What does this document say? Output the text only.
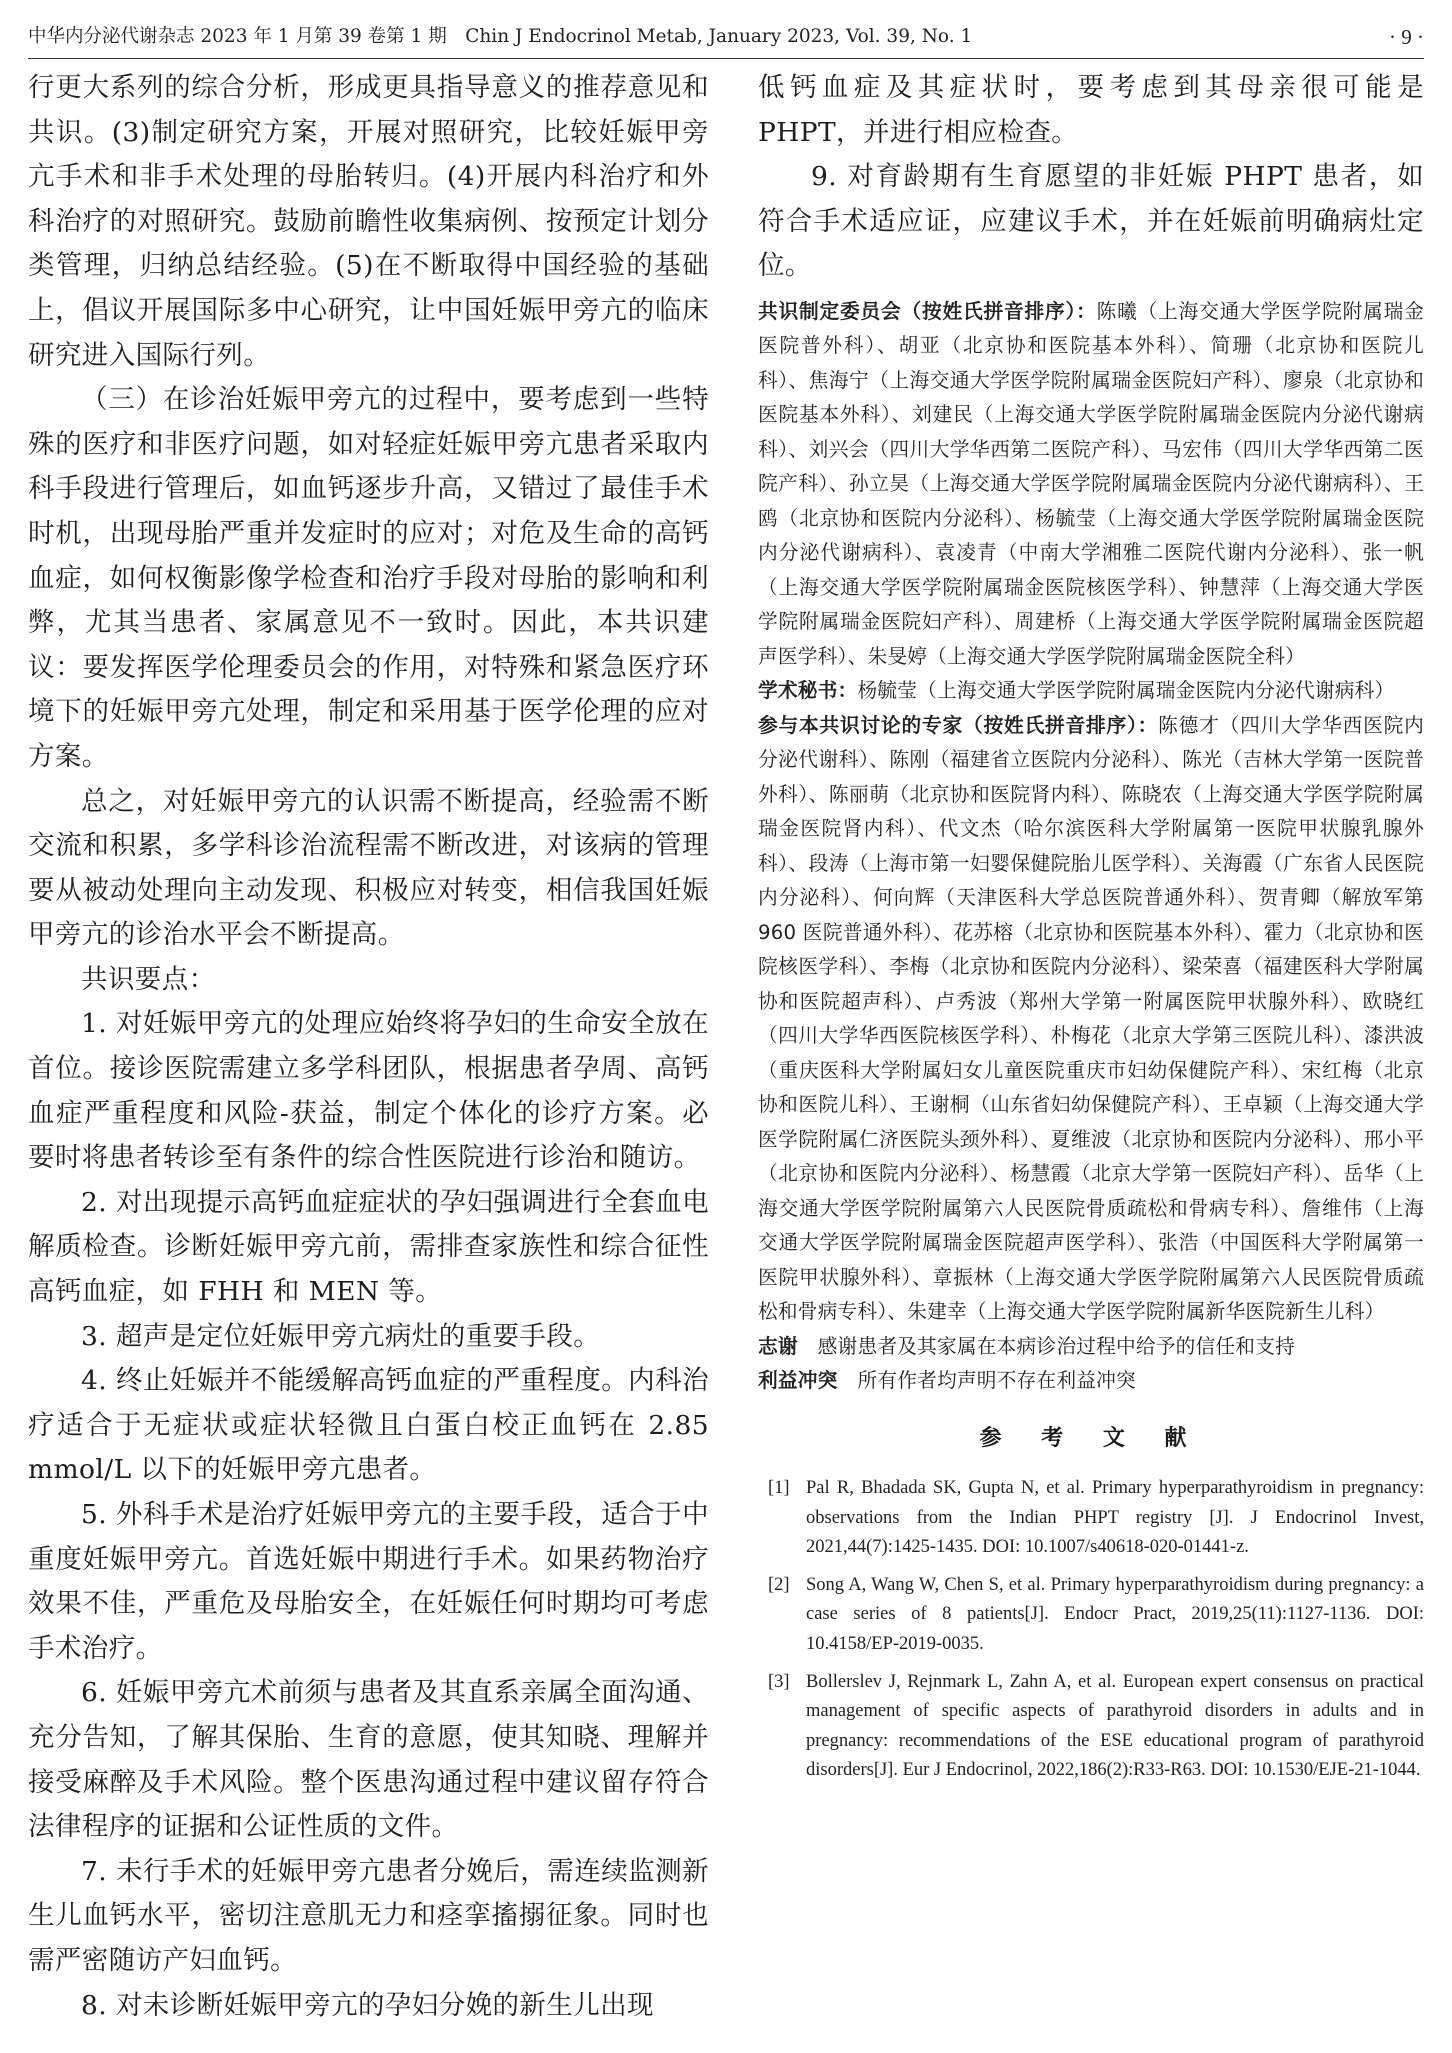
中华内分泌代谢杂志 2023 年 1 月第 39 卷第 1 期　Chin J Endocrinol Metab, January 2023, Vol. 39, No. 1	· 9 ·

行更大系列的综合分析，形成更具指导意义的推荐意见和共识。(3)制定研究方案，开展对照研究，比较妊娠甲旁亢手术和非手术处理的母胎转归。(4)开展内科治疗和外科治疗的对照研究。鼓励前瞻性收集病例、按预定计划分类管理，归纳总结经验。(5)在不断取得中国经验的基础上，倡议开展国际多中心研究，让中国妊娠甲旁亢的临床研究进入国际行列。

（三）在诊治妊娠甲旁亢的过程中，要考虑到一些特殊的医疗和非医疗问题，如对轻症妊娠甲旁亢患者采取内科手段进行管理后，如血钙逐步升高，又错过了最佳手术时机，出现母胎严重并发症时的应对；对危及生命的高钙血症，如何权衡影像学检查和治疗手段对母胎的影响和利弊，尤其当患者、家属意见不一致时。因此，本共识建议：要发挥医学伦理委员会的作用，对特殊和紧急医疗环境下的妊娠甲旁亢处理，制定和采用基于医学伦理的应对方案。

总之，对妊娠甲旁亢的认识需不断提高，经验需不断交流和积累，多学科诊治流程需不断改进，对该病的管理要从被动处理向主动发现、积极应对转变，相信我国妊娠甲旁亢的诊治水平会不断提高。

共识要点：

1. 对妊娠甲旁亢的处理应始终将孕妇的生命安全放在首位。接诊医院需建立多学科团队，根据患者孕周、高钙血症严重程度和风险-获益，制定个体化的诊疗方案。必要时将患者转诊至有条件的综合性医院进行诊治和随访。

2. 对出现提示高钙血症症状的孕妇强调进行全套血电解质检查。诊断妊娠甲旁亢前，需排查家族性和综合征性高钙血症，如 FHH 和 MEN 等。

3. 超声是定位妊娠甲旁亢病灶的重要手段。

4. 终止妊娠并不能缓解高钙血症的严重程度。内科治疗适合于无症状或症状轻微且白蛋白校正血钙在 2.85 mmol/L 以下的妊娠甲旁亢患者。

5. 外科手术是治疗妊娠甲旁亢的主要手段，适合于中重度妊娠甲旁亢。首选妊娠中期进行手术。如果药物治疗效果不佳，严重危及母胎安全，在妊娠任何时期均可考虑手术治疗。

6. 妊娠甲旁亢术前须与患者及其直系亲属全面沟通、充分告知，了解其保胎、生育的意愿，使其知晓、理解并接受麻醉及手术风险。整个医患沟通过程中建议留存符合法律程序的证据和公证性质的文件。

7. 未行手术的妊娠甲旁亢患者分娩后，需连续监测新生儿血钙水平，密切注意肌无力和痉挛搐搦征象。同时也需严密随访产妇血钙。

8. 对未诊断妊娠甲旁亢的孕妇分娩的新生儿出现

低钙血症及其症状时，要考虑到其母亲很可能是 PHPT，并进行相应检查。

9. 对育龄期有生育愿望的非妊娠 PHPT 患者，如符合手术适应证，应建议手术，并在妊娠前明确病灶定位。

共识制定委员会（按姓氏拼音排序）：陈曦（上海交通大学医学院附属瑞金医院普外科）、胡亚（北京协和医院基本外科）、简珊（北京协和医院儿科）、焦海宁（上海交通大学医学院附属瑞金医院妇产科）、廖泉（北京协和医院基本外科）、刘建民（上海交通大学医学院附属瑞金医院内分泌代谢病科）、刘兴会（四川大学华西第二医院产科）、马宏伟（四川大学华西第二医院产科）、孙立昊（上海交通大学医学院附属瑞金医院内分泌代谢病科）、王鸥（北京协和医院内分泌科）、杨毓莹（上海交通大学医学院附属瑞金医院内分泌代谢病科）、袁凌青（中南大学湘雅二医院代谢内分泌科）、张一帆（上海交通大学医学院附属瑞金医院核医学科）、钟慧萍（上海交通大学医学院附属瑞金医院妇产科）、周建桥（上海交通大学医学院附属瑞金医院超声医学科）、朱旻婷（上海交通大学医学院附属瑞金医院全科）

学术秘书：杨毓莹（上海交通大学医学院附属瑞金医院内分泌代谢病科）

参与本共识讨论的专家（按姓氏拼音排序）：陈德才（四川大学华西医院内分泌代谢科）、陈刚（福建省立医院内分泌科）、陈光（吉林大学第一医院普外科）、陈丽萌（北京协和医院肾内科）、陈晓农（上海交通大学医学院附属瑞金医院肾内科）、代文杰（哈尔滨医科大学附属第一医院甲状腺乳腺外科）、段涛（上海市第一妇婴保健院胎儿医学科）、关海霞（广东省人民医院内分泌科）、何向辉（天津医科大学总医院普通外科）、贺青卿（解放军第 960 医院普通外科）、花苏榕（北京协和医院基本外科）、霍力（北京协和医院核医学科）、李梅（北京协和医院内分泌科）、梁荣喜（福建医科大学附属协和医院超声科）、卢秀波（郑州大学第一附属医院甲状腺外科）、欧晓红（四川大学华西医院核医学科）、朴梅花（北京大学第三医院儿科）、漆洪波（重庆医科大学附属妇女儿童医院重庆市妇幼保健院产科）、宋红梅（北京协和医院儿科）、王谢桐（山东省妇幼保健院产科）、王卓颖（上海交通大学医学院附属仁济医院头颈外科）、夏维波（北京协和医院内分泌科）、邢小平（北京协和医院内分泌科）、杨慧霞（北京大学第一医院妇产科）、岳华（上海交通大学医学院附属第六人民医院骨质疏松和骨病专科）、詹维伟（上海交通大学医学院附属瑞金医院超声医学科）、张浩（中国医科大学附属第一医院甲状腺外科）、章振林（上海交通大学医学院附属第六人民医院骨质疏松和骨病专科）、朱建幸（上海交通大学医学院附属新华医院新生儿科）

志谢　 感谢患者及其家属在本病诊治过程中给予的信任和支持

利益冲突　 所有作者均声明不存在利益冲突

参 考 文 献
[1] Pal R, Bhadada SK, Gupta N, et al. Primary hyperparathyroidism in pregnancy: observations from the Indian PHPT registry [J]. J Endocrinol Invest, 2021,44(7):1425-1435. DOI: 10.1007/s40618-020-01441-z.
[2] Song A, Wang W, Chen S, et al. Primary hyperparathyroidism during pregnancy: a case series of 8 patients[J]. Endocr Pract, 2019,25(11):1127-1136. DOI: 10.4158/EP-2019-0035.
[3] Bollerslev J, Rejnmark L, Zahn A, et al. European expert consensus on practical management of specific aspects of parathyroid disorders in adults and in pregnancy: recommendations of the ESE educational program of parathyroid disorders[J]. Eur J Endocrinol, 2022,186(2):R33-R63. DOI: 10.1530/EJE-21-1044.
